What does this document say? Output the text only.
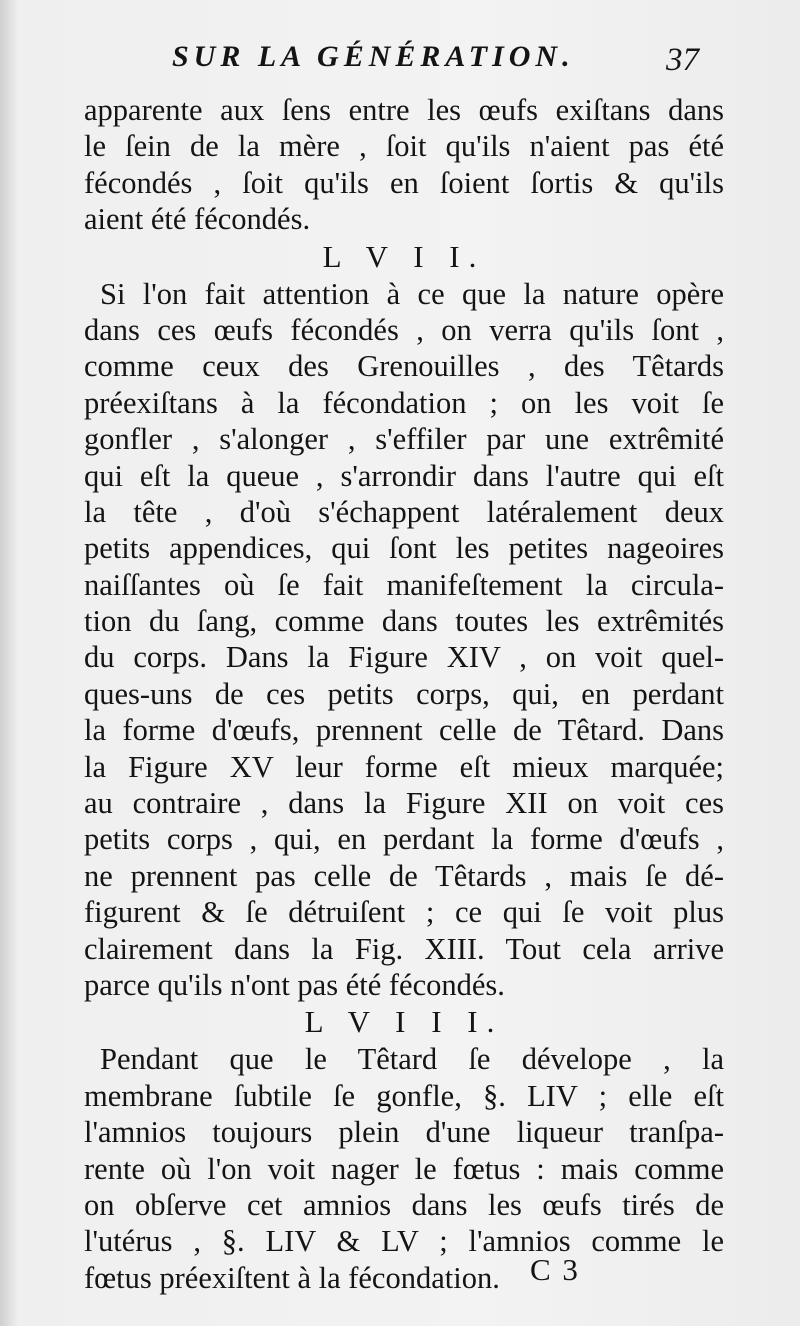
SUR LA GÉNÉRATION.	37
apparente aux ſens entre les œufs exiſtans dans
le ſein de la mère , ſoit qu'ils n'aient pas été
fécondés , ſoit qu'ils en ſoient ſortis & qu'ils
aient été fécondés.
L V I I.
Si l'on fait attention à ce que la nature opère
dans ces œufs fécondés , on verra qu'ils ſont ,
comme ceux des Grenouilles , des Têtards
préexiſtans à la fécondation ; on les voit ſe
gonfler , s'alonger , s'effiler par une extrêmité
qui eſt la queue , s'arrondir dans l'autre qui eſt
la tête , d'où s'échappent latéralement deux
petits appendices, qui ſont les petites nageoires
naiſſantes où ſe fait manifeſtement la circula-
tion du ſang, comme dans toutes les extrêmités
du corps. Dans la Figure XIV , on voit quel-
ques-uns de ces petits corps, qui, en perdant
la forme d'œufs, prennent celle de Têtard. Dans
la Figure XV leur forme eſt mieux marquée;
au contraire , dans la Figure XII on voit ces
petits corps , qui, en perdant la forme d'œufs ,
ne prennent pas celle de Têtards , mais ſe dé-
figurent & ſe détruiſent ; ce qui ſe voit plus
clairement dans la Fig. XIII. Tout cela arrive
parce qu'ils n'ont pas été fécondés.
L V I I I.
Pendant que le Têtard ſe dévelope , la
membrane ſubtile ſe gonfle, §. LIV ; elle eſt
l'amnios toujours plein d'une liqueur tranſpa-
rente où l'on voit nager le fœtus : mais comme
on obſerve cet amnios dans les œufs tirés de
l'utérus , §. LIV & LV ; l'amnios comme le
fœtus préexiſtent à la fécondation. C 3
